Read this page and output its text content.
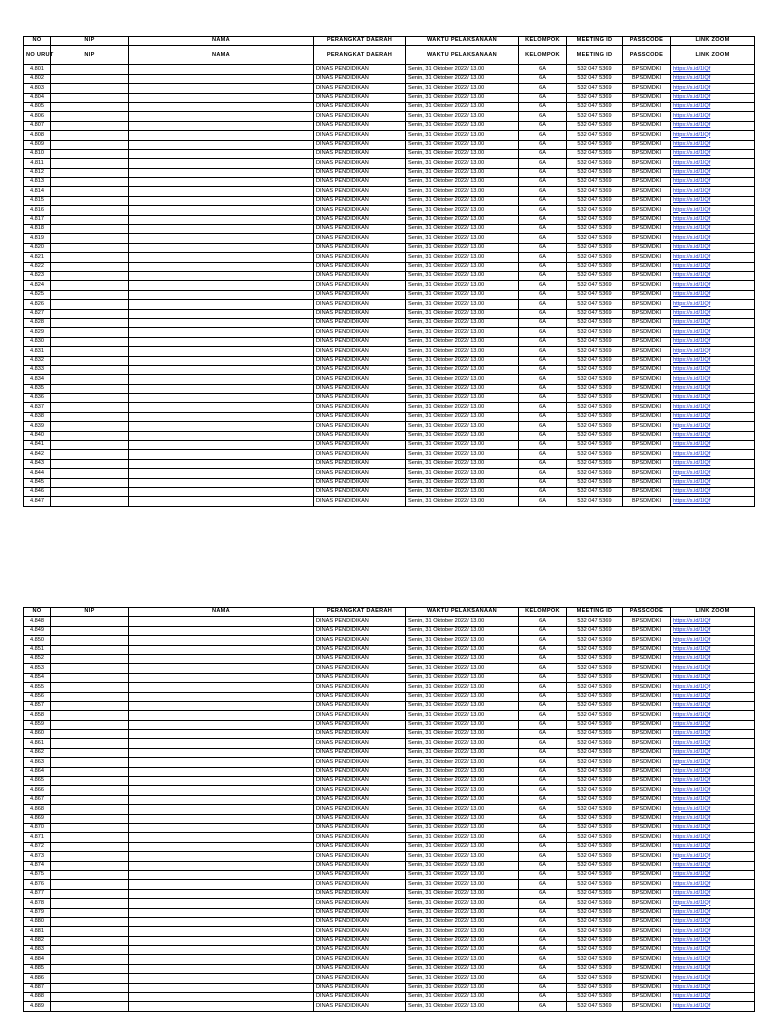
NO	NIP	NAMA	PERANGKAT DAERAH	WAKTU PELAKSANAAN	KELOMPOK	MEETING ID	PASSCODE	LINK ZOOM
NO URUT	NIP	NAMA	PERANGKAT DAERAH	WAKTU PELAKSANAAN	KELOMPOK	MEETING ID	PASSCODE	LINK ZOOM
4.801			DINAS PENDIDIKAN	Senin, 31 Oktober 2022/ 13.00	6A	532 047 5369	BPSDMDKI	https://s.id/1lQf
4.802			DINAS PENDIDIKAN	Senin, 31 Oktober 2022/ 13.00	6A	532 047 5369	BPSDMDKI	https://s.id/1lQf
4.803			DINAS PENDIDIKAN	Senin, 31 Oktober 2022/ 13.00	6A	532 047 5369	BPSDMDKI	https://s.id/1lQf
4.804			DINAS PENDIDIKAN	Senin, 31 Oktober 2022/ 13.00	6A	532 047 5369	BPSDMDKI	https://s.id/1lQf
4.805			DINAS PENDIDIKAN	Senin, 31 Oktober 2022/ 13.00	6A	532 047 5369	BPSDMDKI	https://s.id/1lQf
4.806			DINAS PENDIDIKAN	Senin, 31 Oktober 2022/ 13.00	6A	532 047 5369	BPSDMDKI	https://s.id/1lQf
4.807			DINAS PENDIDIKAN	Senin, 31 Oktober 2022/ 13.00	6A	532 047 5369	BPSDMDKI	https://s.id/1lQf
4.808			DINAS PENDIDIKAN	Senin, 31 Oktober 2022/ 13.00	6A	532 047 5369	BPSDMDKI	https://s.id/1lQf
4.809			DINAS PENDIDIKAN	Senin, 31 Oktober 2022/ 13.00	6A	532 047 5369	BPSDMDKI	https://s.id/1lQf
4.810			DINAS PENDIDIKAN	Senin, 31 Oktober 2022/ 13.00	6A	532 047 5369	BPSDMDKI	https://s.id/1lQf
4.811			DINAS PENDIDIKAN	Senin, 31 Oktober 2022/ 13.00	6A	532 047 5369	BPSDMDKI	https://s.id/1lQf
4.812			DINAS PENDIDIKAN	Senin, 31 Oktober 2022/ 13.00	6A	532 047 5369	BPSDMDKI	https://s.id/1lQf
4.813			DINAS PENDIDIKAN	Senin, 31 Oktober 2022/ 13.00	6A	532 047 5369	BPSDMDKI	https://s.id/1lQf
4.814			DINAS PENDIDIKAN	Senin, 31 Oktober 2022/ 13.00	6A	532 047 5369	BPSDMDKI	https://s.id/1lQf
4.815			DINAS PENDIDIKAN	Senin, 31 Oktober 2022/ 13.00	6A	532 047 5369	BPSDMDKI	https://s.id/1lQf
4.816			DINAS PENDIDIKAN	Senin, 31 Oktober 2022/ 13.00	6A	532 047 5369	BPSDMDKI	https://s.id/1lQf
4.817			DINAS PENDIDIKAN	Senin, 31 Oktober 2022/ 13.00	6A	532 047 5369	BPSDMDKI	https://s.id/1lQf
4.818			DINAS PENDIDIKAN	Senin, 31 Oktober 2022/ 13.00	6A	532 047 5369	BPSDMDKI	https://s.id/1lQf
4.819			DINAS PENDIDIKAN	Senin, 31 Oktober 2022/ 13.00	6A	532 047 5369	BPSDMDKI	https://s.id/1lQf
4.820			DINAS PENDIDIKAN	Senin, 31 Oktober 2022/ 13.00	6A	532 047 5369	BPSDMDKI	https://s.id/1lQf
4.821			DINAS PENDIDIKAN	Senin, 31 Oktober 2022/ 13.00	6A	532 047 5369	BPSDMDKI	https://s.id/1lQf
4.822			DINAS PENDIDIKAN	Senin, 31 Oktober 2022/ 13.00	6A	532 047 5369	BPSDMDKI	https://s.id/1lQf
4.823			DINAS PENDIDIKAN	Senin, 31 Oktober 2022/ 13.00	6A	532 047 5369	BPSDMDKI	https://s.id/1lQf
4.824			DINAS PENDIDIKAN	Senin, 31 Oktober 2022/ 13.00	6A	532 047 5369	BPSDMDKI	https://s.id/1lQf
4.825			DINAS PENDIDIKAN	Senin, 31 Oktober 2022/ 13.00	6A	532 047 5369	BPSDMDKI	https://s.id/1lQf
4.826			DINAS PENDIDIKAN	Senin, 31 Oktober 2022/ 13.00	6A	532 047 5369	BPSDMDKI	https://s.id/1lQf
4.827			DINAS PENDIDIKAN	Senin, 31 Oktober 2022/ 13.00	6A	532 047 5369	BPSDMDKI	https://s.id/1lQf
4.828			DINAS PENDIDIKAN	Senin, 31 Oktober 2022/ 13.00	6A	532 047 5369	BPSDMDKI	https://s.id/1lQf
4.829			DINAS PENDIDIKAN	Senin, 31 Oktober 2022/ 13.00	6A	532 047 5369	BPSDMDKI	https://s.id/1lQf
4.830			DINAS PENDIDIKAN	Senin, 31 Oktober 2022/ 13.00	6A	532 047 5369	BPSDMDKI	https://s.id/1lQf
4.831			DINAS PENDIDIKAN	Senin, 31 Oktober 2022/ 13.00	6A	532 047 5369	BPSDMDKI	https://s.id/1lQf
4.832			DINAS PENDIDIKAN	Senin, 31 Oktober 2022/ 13.00	6A	532 047 5369	BPSDMDKI	https://s.id/1lQf
4.833			DINAS PENDIDIKAN	Senin, 31 Oktober 2022/ 13.00	6A	532 047 5369	BPSDMDKI	https://s.id/1lQf
4.834			DINAS PENDIDIKAN	Senin, 31 Oktober 2022/ 13.00	6A	532 047 5369	BPSDMDKI	https://s.id/1lQf
4.835			DINAS PENDIDIKAN	Senin, 31 Oktober 2022/ 13.00	6A	532 047 5369	BPSDMDKI	https://s.id/1lQf
4.836			DINAS PENDIDIKAN	Senin, 31 Oktober 2022/ 13.00	6A	532 047 5369	BPSDMDKI	https://s.id/1lQf
4.837			DINAS PENDIDIKAN	Senin, 31 Oktober 2022/ 13.00	6A	532 047 5369	BPSDMDKI	https://s.id/1lQf
4.838			DINAS PENDIDIKAN	Senin, 31 Oktober 2022/ 13.00	6A	532 047 5369	BPSDMDKI	https://s.id/1lQf
4.839			DINAS PENDIDIKAN	Senin, 31 Oktober 2022/ 13.00	6A	532 047 5369	BPSDMDKI	https://s.id/1lQf
4.840			DINAS PENDIDIKAN	Senin, 31 Oktober 2022/ 13.00	6A	532 047 5369	BPSDMDKI	https://s.id/1lQf
4.841			DINAS PENDIDIKAN	Senin, 31 Oktober 2022/ 13.00	6A	532 047 5369	BPSDMDKI	https://s.id/1lQf
4.842			DINAS PENDIDIKAN	Senin, 31 Oktober 2022/ 13.00	6A	532 047 5369	BPSDMDKI	https://s.id/1lQf
4.843			DINAS PENDIDIKAN	Senin, 31 Oktober 2022/ 13.00	6A	532 047 5369	BPSDMDKI	https://s.id/1lQf
4.844			DINAS PENDIDIKAN	Senin, 31 Oktober 2022/ 13.00	6A	532 047 5369	BPSDMDKI	https://s.id/1lQf
4.845			DINAS PENDIDIKAN	Senin, 31 Oktober 2022/ 13.00	6A	532 047 5369	BPSDMDKI	https://s.id/1lQf
4.846			DINAS PENDIDIKAN	Senin, 31 Oktober 2022/ 13.00	6A	532 047 5369	BPSDMDKI	https://s.id/1lQf
4.847			DINAS PENDIDIKAN	Senin, 31 Oktober 2022/ 13.00	6A	532 047 5369	BPSDMDKI	https://s.id/1lQf
NO	NIP	NAMA	PERANGKAT DAERAH	WAKTU PELAKSANAAN	KELOMPOK	MEETING ID	PASSCODE	LINK ZOOM
4.848			DINAS PENDIDIKAN	Senin, 31 Oktober 2022/ 13.00	6A	532 047 5369	BPSDMDKI	https://s.id/1lQf
4.849			DINAS PENDIDIKAN	Senin, 31 Oktober 2022/ 13.00	6A	532 047 5369	BPSDMDKI	https://s.id/1lQf
4.850			DINAS PENDIDIKAN	Senin, 31 Oktober 2022/ 13.00	6A	532 047 5369	BPSDMDKI	https://s.id/1lQf
4.851			DINAS PENDIDIKAN	Senin, 31 Oktober 2022/ 13.00	6A	532 047 5369	BPSDMDKI	https://s.id/1lQf
4.852			DINAS PENDIDIKAN	Senin, 31 Oktober 2022/ 13.00	6A	532 047 5369	BPSDMDKI	https://s.id/1lQf
4.853			DINAS PENDIDIKAN	Senin, 31 Oktober 2022/ 13.00	6A	532 047 5369	BPSDMDKI	https://s.id/1lQf
4.854			DINAS PENDIDIKAN	Senin, 31 Oktober 2022/ 13.00	6A	532 047 5369	BPSDMDKI	https://s.id/1lQf
4.855			DINAS PENDIDIKAN	Senin, 31 Oktober 2022/ 13.00	6A	532 047 5369	BPSDMDKI	https://s.id/1lQf
4.856			DINAS PENDIDIKAN	Senin, 31 Oktober 2022/ 13.00	6A	532 047 5369	BPSDMDKI	https://s.id/1lQf
4.857			DINAS PENDIDIKAN	Senin, 31 Oktober 2022/ 13.00	6A	532 047 5369	BPSDMDKI	https://s.id/1lQf
4.858			DINAS PENDIDIKAN	Senin, 31 Oktober 2022/ 13.00	6A	532 047 5369	BPSDMDKI	https://s.id/1lQf
4.859			DINAS PENDIDIKAN	Senin, 31 Oktober 2022/ 13.00	6A	532 047 5369	BPSDMDKI	https://s.id/1lQf
4.860			DINAS PENDIDIKAN	Senin, 31 Oktober 2022/ 13.00	6A	532 047 5369	BPSDMDKI	https://s.id/1lQf
4.861			DINAS PENDIDIKAN	Senin, 31 Oktober 2022/ 13.00	6A	532 047 5369	BPSDMDKI	https://s.id/1lQf
4.862			DINAS PENDIDIKAN	Senin, 31 Oktober 2022/ 13.00	6A	532 047 5369	BPSDMDKI	https://s.id/1lQf
4.863			DINAS PENDIDIKAN	Senin, 31 Oktober 2022/ 13.00	6A	532 047 5369	BPSDMDKI	https://s.id/1lQf
4.864			DINAS PENDIDIKAN	Senin, 31 Oktober 2022/ 13.00	6A	532 047 5369	BPSDMDKI	https://s.id/1lQf
4.865			DINAS PENDIDIKAN	Senin, 31 Oktober 2022/ 13.00	6A	532 047 5369	BPSDMDKI	https://s.id/1lQf
4.866			DINAS PENDIDIKAN	Senin, 31 Oktober 2022/ 13.00	6A	532 047 5369	BPSDMDKI	https://s.id/1lQf
4.867			DINAS PENDIDIKAN	Senin, 31 Oktober 2022/ 13.00	6A	532 047 5369	BPSDMDKI	https://s.id/1lQf
4.868			DINAS PENDIDIKAN	Senin, 31 Oktober 2022/ 13.00	6A	532 047 5369	BPSDMDKI	https://s.id/1lQf
4.869			DINAS PENDIDIKAN	Senin, 31 Oktober 2022/ 13.00	6A	532 047 5369	BPSDMDKI	https://s.id/1lQf
4.870			DINAS PENDIDIKAN	Senin, 31 Oktober 2022/ 13.00	6A	532 047 5369	BPSDMDKI	https://s.id/1lQf
4.871			DINAS PENDIDIKAN	Senin, 31 Oktober 2022/ 13.00	6A	532 047 5369	BPSDMDKI	https://s.id/1lQf
4.872			DINAS PENDIDIKAN	Senin, 31 Oktober 2022/ 13.00	6A	532 047 5369	BPSDMDKI	https://s.id/1lQf
4.873			DINAS PENDIDIKAN	Senin, 31 Oktober 2022/ 13.00	6A	532 047 5369	BPSDMDKI	https://s.id/1lQf
4.874			DINAS PENDIDIKAN	Senin, 31 Oktober 2022/ 13.00	6A	532 047 5369	BPSDMDKI	https://s.id/1lQf
4.875			DINAS PENDIDIKAN	Senin, 31 Oktober 2022/ 13.00	6A	532 047 5369	BPSDMDKI	https://s.id/1lQf
4.876			DINAS PENDIDIKAN	Senin, 31 Oktober 2022/ 13.00	6A	532 047 5369	BPSDMDKI	https://s.id/1lQf
4.877			DINAS PENDIDIKAN	Senin, 31 Oktober 2022/ 13.00	6A	532 047 5369	BPSDMDKI	https://s.id/1lQf
4.878			DINAS PENDIDIKAN	Senin, 31 Oktober 2022/ 13.00	6A	532 047 5369	BPSDMDKI	https://s.id/1lQf
4.879			DINAS PENDIDIKAN	Senin, 31 Oktober 2022/ 13.00	6A	532 047 5369	BPSDMDKI	https://s.id/1lQf
4.880			DINAS PENDIDIKAN	Senin, 31 Oktober 2022/ 13.00	6A	532 047 5369	BPSDMDKI	https://s.id/1lQf
4.881			DINAS PENDIDIKAN	Senin, 31 Oktober 2022/ 13.00	6A	532 047 5369	BPSDMDKI	https://s.id/1lQf
4.882			DINAS PENDIDIKAN	Senin, 31 Oktober 2022/ 13.00	6A	532 047 5369	BPSDMDKI	https://s.id/1lQf
4.883			DINAS PENDIDIKAN	Senin, 31 Oktober 2022/ 13.00	6A	532 047 5369	BPSDMDKI	https://s.id/1lQf
4.884			DINAS PENDIDIKAN	Senin, 31 Oktober 2022/ 13.00	6A	532 047 5369	BPSDMDKI	https://s.id/1lQf
4.885			DINAS PENDIDIKAN	Senin, 31 Oktober 2022/ 13.00	6A	532 047 5369	BPSDMDKI	https://s.id/1lQf
4.886			DINAS PENDIDIKAN	Senin, 31 Oktober 2022/ 13.00	6A	532 047 5369	BPSDMDKI	https://s.id/1lQf
4.887			DINAS PENDIDIKAN	Senin, 31 Oktober 2022/ 13.00	6A	532 047 5369	BPSDMDKI	https://s.id/1lQf
4.888			DINAS PENDIDIKAN	Senin, 31 Oktober 2022/ 13.00	6A	532 047 5369	BPSDMDKI	https://s.id/1lQf
4.889			DINAS PENDIDIKAN	Senin, 31 Oktober 2022/ 13.00	6A	532 047 5369	BPSDMDKI	https://s.id/1lQf
